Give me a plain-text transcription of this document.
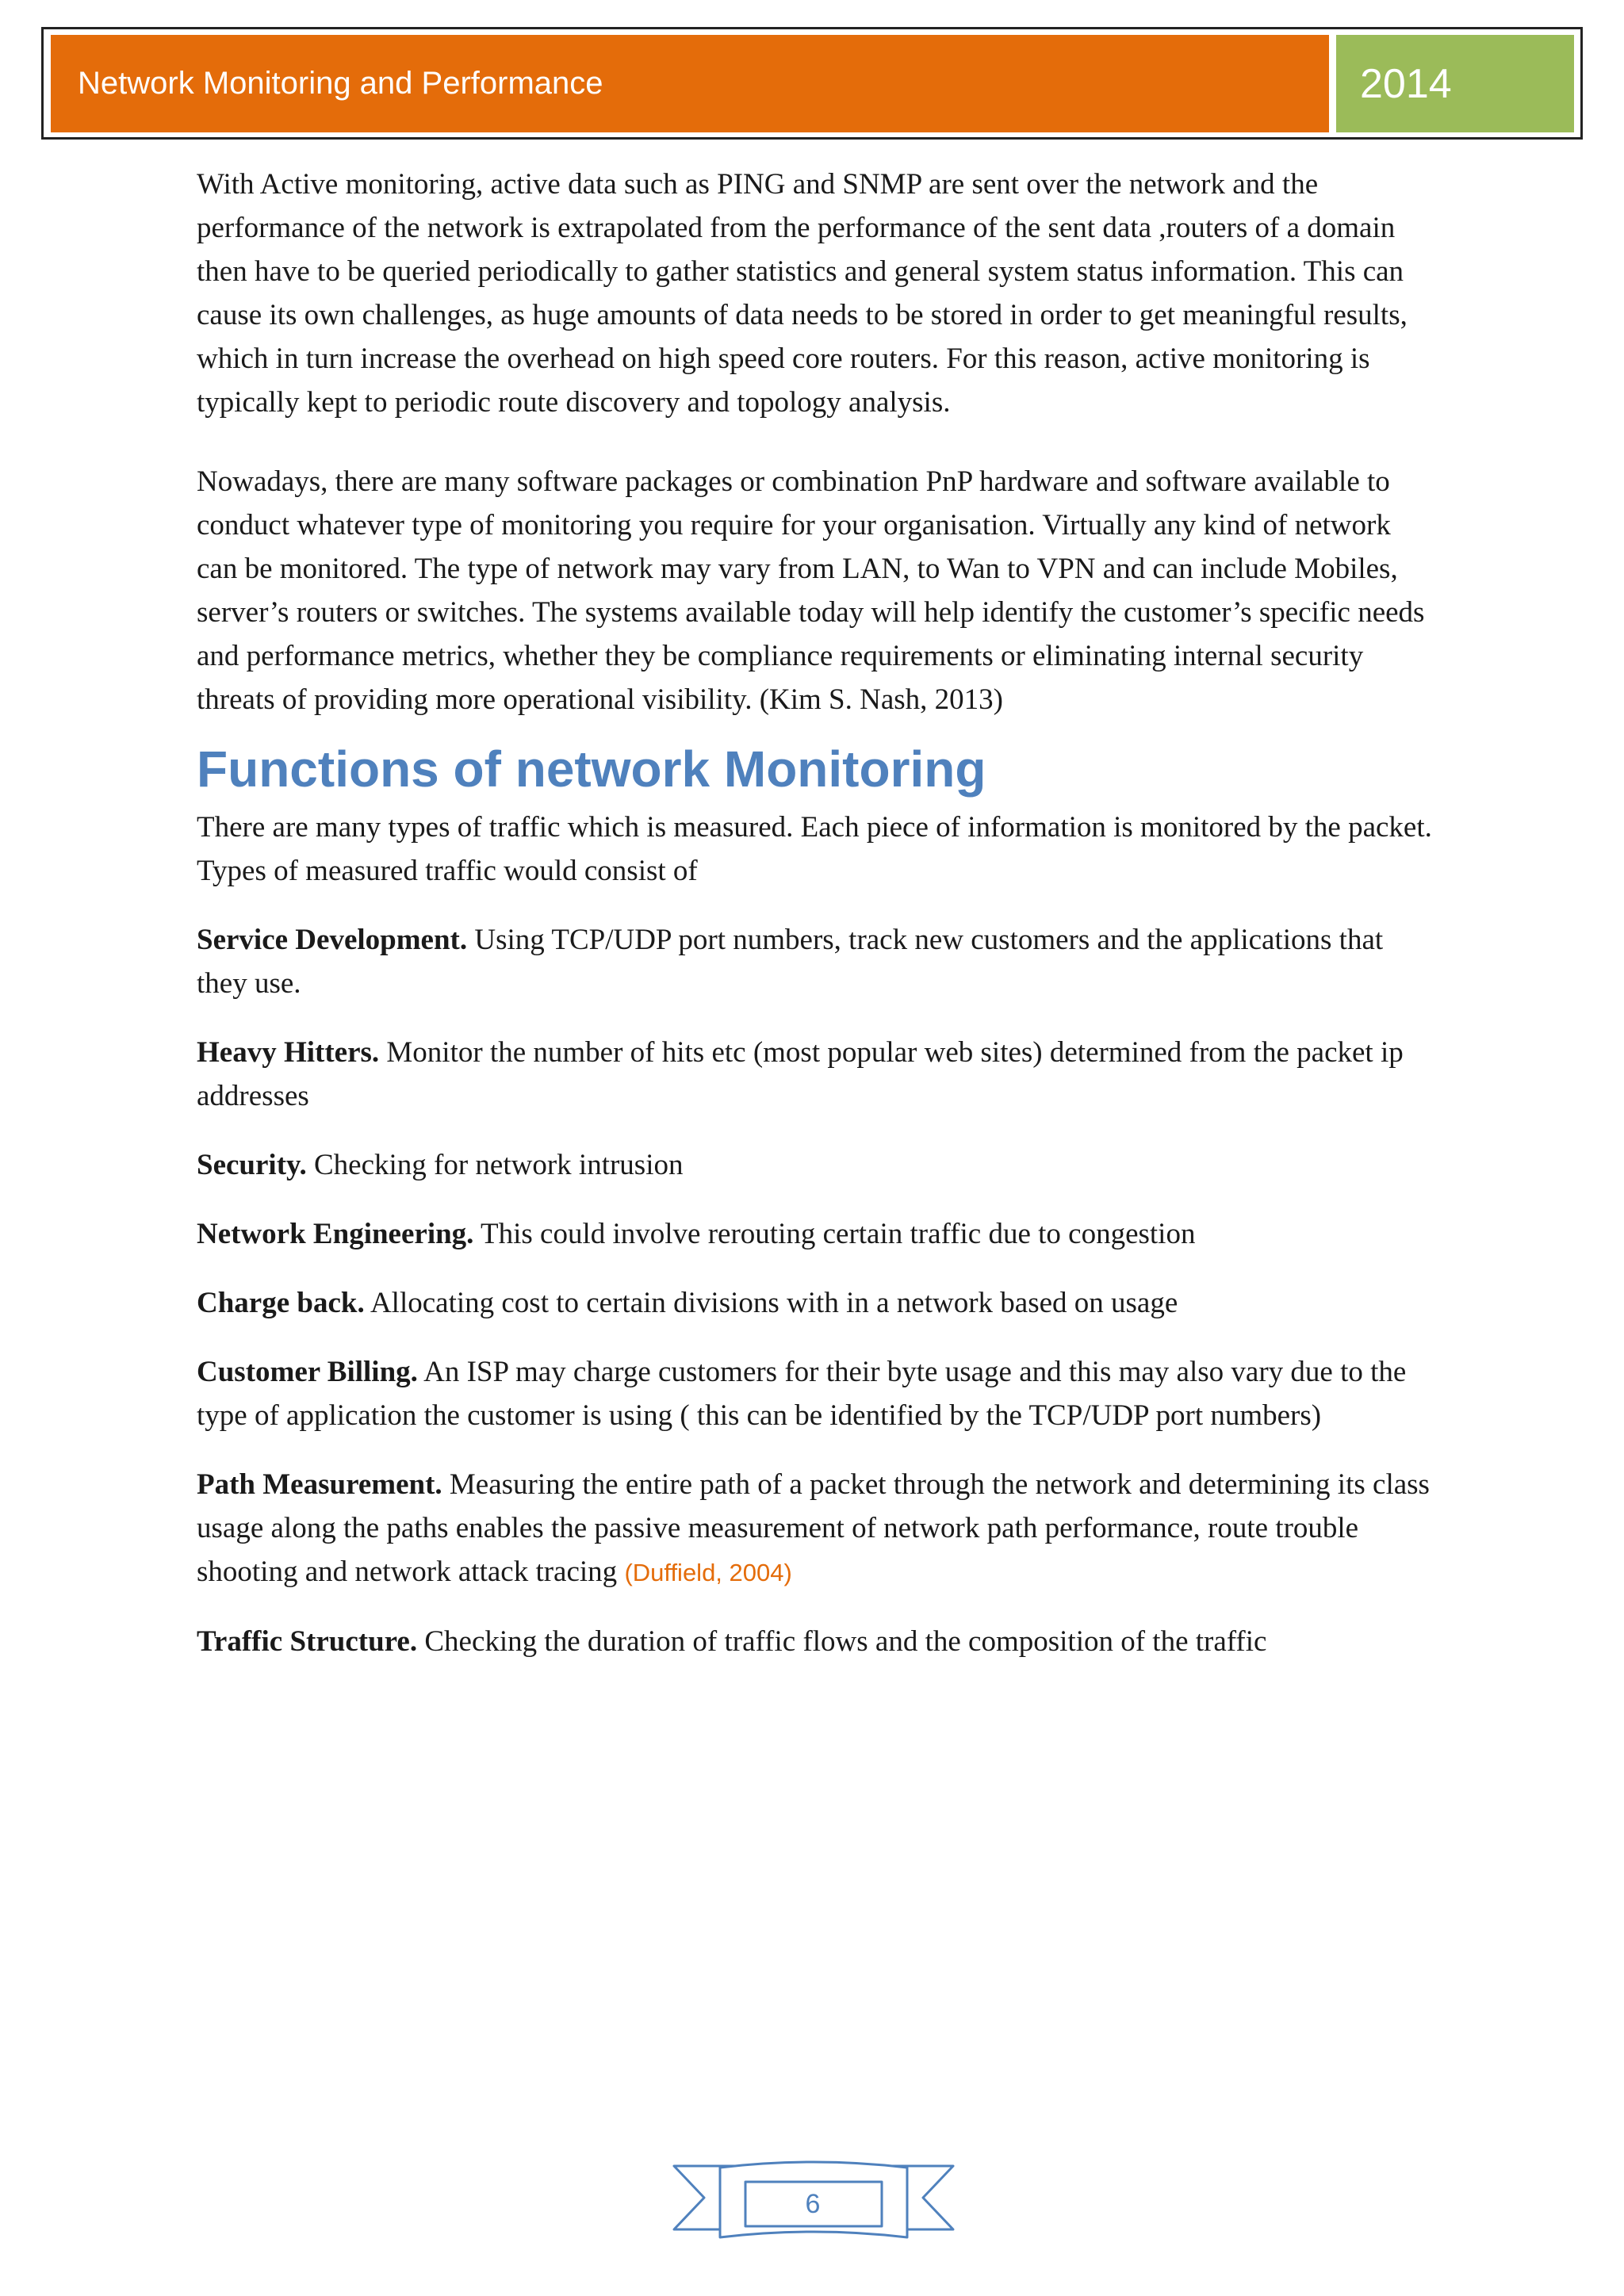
Network Monitoring and Performance	2014

With Active monitoring, active data such as PING and SNMP are sent over the network and the performance of the network is extrapolated from the performance of the sent data ,routers of a domain then have to be queried periodically to gather statistics and general system status information. This can cause its own challenges, as huge amounts of data needs to be stored in order to get meaningful results, which in turn increase the overhead on high speed core routers. For this reason, active monitoring is typically kept to periodic route discovery and topology analysis.

Nowadays, there are many software packages or combination PnP hardware and software available to conduct whatever type of monitoring you require for your organisation. Virtually any kind of network can be monitored. The type of network may vary from LAN, to Wan to VPN and can include Mobiles, server’s routers or switches. The systems available today will help identify the customer’s specific needs and performance metrics, whether they be compliance requirements or eliminating internal security threats of providing more operational visibility. (Kim S. Nash, 2013)

Functions of network Monitoring

There are many types of traffic which is measured. Each piece of information is monitored by the packet. Types of measured traffic would consist of

Service Development. Using TCP/UDP port numbers, track new customers and the applications that they use.

Heavy Hitters. Monitor the number of hits etc (most popular web sites) determined from the packet ip addresses

Security. Checking for network intrusion

Network Engineering. This could involve rerouting certain traffic due to congestion

Charge back. Allocating cost to certain divisions with in a network based on usage

Customer Billing. An ISP may charge customers for their byte usage and this may also vary due to the type of application the customer is using ( this can be identified by the TCP/UDP port numbers)

Path Measurement. Measuring the entire path of a packet through the network and determining its class usage along the paths enables the passive measurement of network path performance, route trouble shooting and network attack tracing (Duffield, 2004)

Traffic Structure. Checking the duration of traffic flows and the composition of the traffic

6
